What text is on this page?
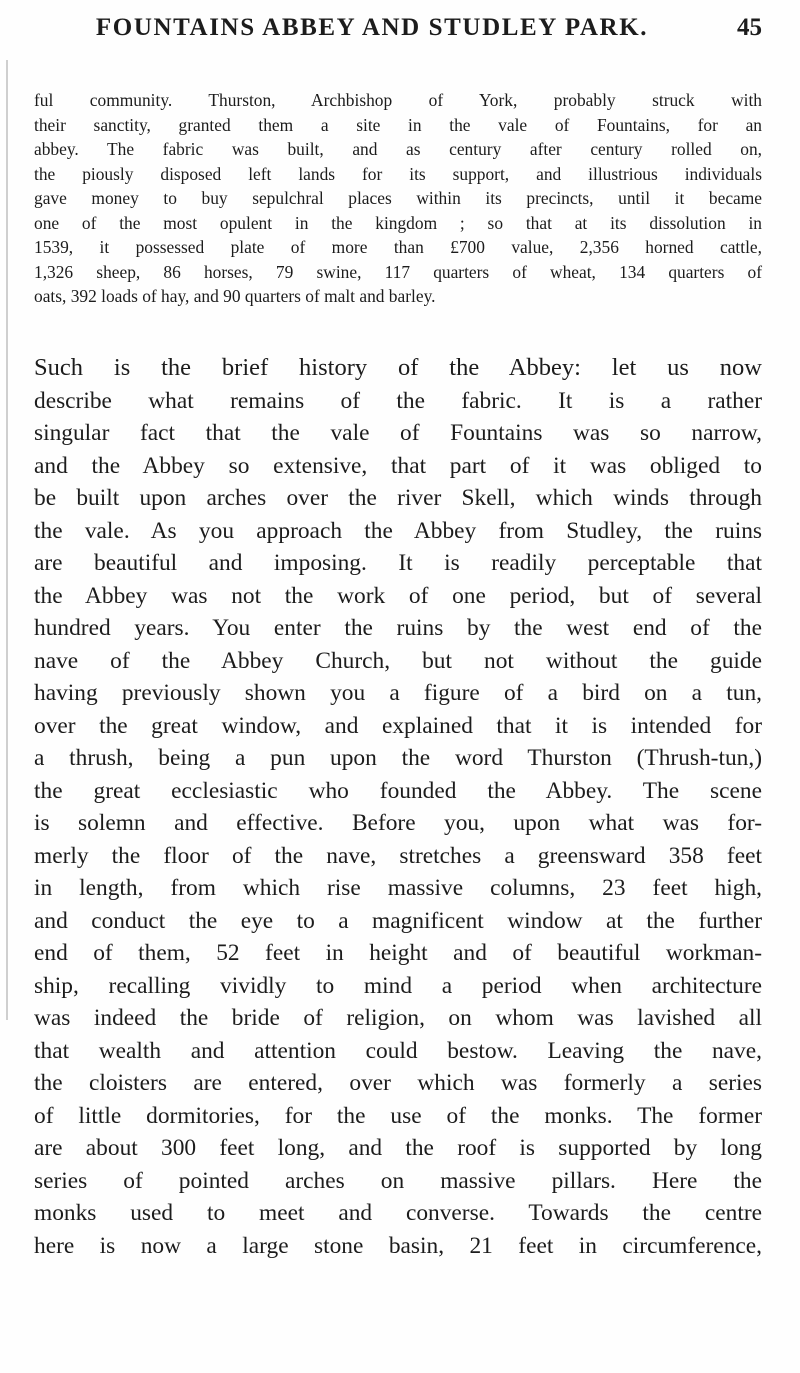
FOUNTAINS ABBEY AND STUDLEY PARK.	45
ful community. Thurston, Archbishop of York, probably struck with
their sanctity, granted them a site in the vale of Fountains, for an
abbey. The fabric was built, and as century after century rolled on,
the piously disposed left lands for its support, and illustrious individuals
gave money to buy sepulchral places within its precincts, until it became
one of the most opulent in the kingdom ; so that at its dissolution in
1539, it possessed plate of more than £700 value, 2,356 horned cattle,
1,326 sheep, 86 horses, 79 swine, 117 quarters of wheat, 134 quarters of
oats, 392 loads of hay, and 90 quarters of malt and barley.
Such is the brief history of the Abbey: let us now
describe what remains of the fabric. It is a rather
singular fact that the vale of Fountains was so narrow,
and the Abbey so extensive, that part of it was obliged to
be built upon arches over the river Skell, which winds through
the vale. As you approach the Abbey from Studley, the ruins
are beautiful and imposing. It is readily perceptable that
the Abbey was not the work of one period, but of several
hundred years. You enter the ruins by the west end of the
nave of the Abbey Church, but not without the guide
having previously shown you a figure of a bird on a tun,
over the great window, and explained that it is intended for
a thrush, being a pun upon the word Thurston (Thrush-tun,)
the great ecclesiastic who founded the Abbey. The scene
is solemn and effective. Before you, upon what was for-
merly the floor of the nave, stretches a greensward 358 feet
in length, from which rise massive columns, 23 feet high,
and conduct the eye to a magnificent window at the further
end of them, 52 feet in height and of beautiful workman-
ship, recalling vividly to mind a period when architecture
was indeed the bride of religion, on whom was lavished all
that wealth and attention could bestow. Leaving the nave,
the cloisters are entered, over which was formerly a series
of little dormitories, for the use of the monks. The former
are about 300 feet long, and the roof is supported by long
series of pointed arches on massive pillars. Here the
monks used to meet and converse. Towards the centre
here is now a large stone basin, 21 feet in circumference,
